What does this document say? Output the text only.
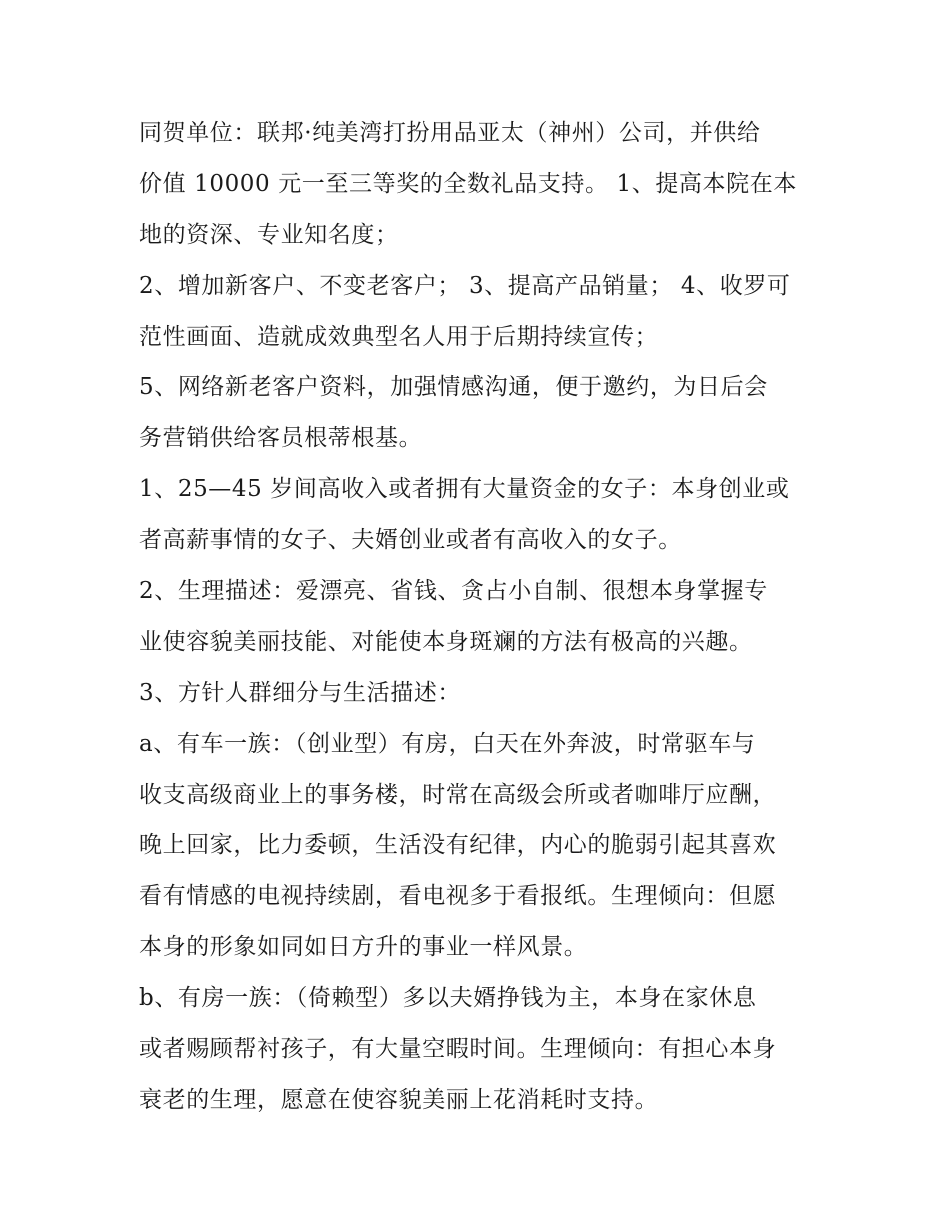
同贺单位：联邦·纯美湾打扮用品亚太（神州）公司，并供给
价值 10000 元一至三等奖的全数礼品支持。 1、提高本院在本
地的资深、专业知名度；
2、增加新客户、不变老客户； 3、提高产品销量； 4、收罗可
范性画面、造就成效典型名人用于后期持续宣传；
5、网络新老客户资料，加强情感沟通，便于邀约，为日后会
务营销供给客员根蒂根基。
1、25—45 岁间高收入或者拥有大量资金的女子：本身创业或
者高薪事情的女子、夫婿创业或者有高收入的女子。
2、生理描述：爱漂亮、省钱、贪占小自制、很想本身掌握专
业使容貌美丽技能、对能使本身斑斓的方法有极高的兴趣。
3、方针人群细分与生活描述：
a、有车一族：（创业型）有房，白天在外奔波，时常驱车与
收支高级商业上的事务楼，时常在高级会所或者咖啡厅应酬，
晚上回家，比力委顿，生活没有纪律，内心的脆弱引起其喜欢
看有情感的电视持续剧，看电视多于看报纸。生理倾向：但愿
本身的形象如同如日方升的事业一样风景。
b、有房一族：（倚赖型）多以夫婿挣钱为主，本身在家休息
或者赐顾帮衬孩子，有大量空暇时间。生理倾向：有担心本身
衰老的生理，愿意在使容貌美丽上花消耗时支持。
